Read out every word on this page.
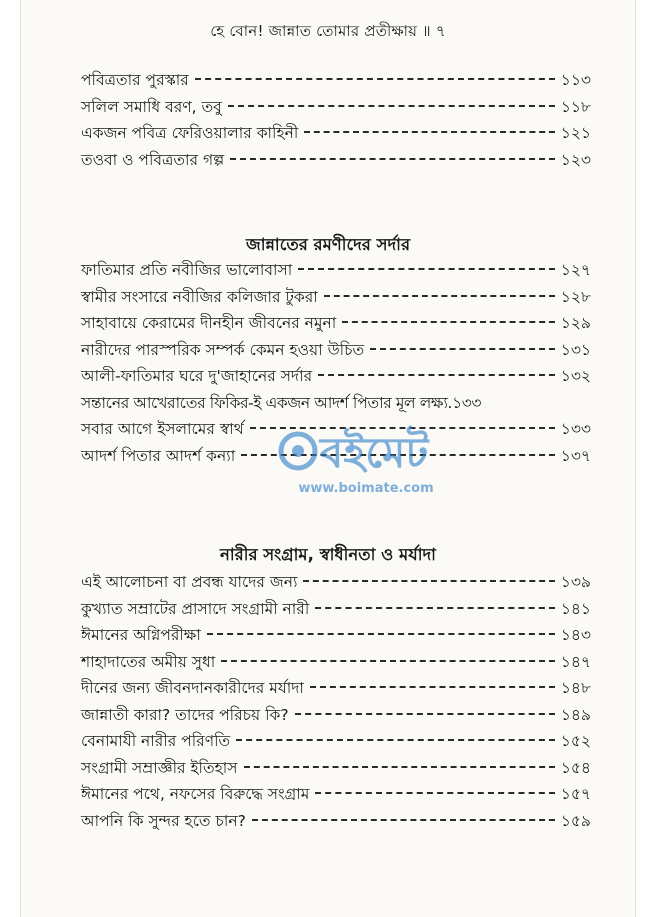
হে বোন! জান্নাত তোমার প্রতীক্ষায় ॥ ৭
পবিত্রতার পুরস্কার	১১৩
সলিল সমাধি বরণ, তবু	১১৮
একজন পবিত্র ফেরিওয়ালার কাহিনী	১২১
তওবা ও পবিত্রতার গল্প	১২৩
জান্নাতের রমণীদের সর্দার
ফাতিমার প্রতি নবীজির ভালোবাসা	১২৭
স্বামীর সংসারে নবীজির কলিজার টুকরা	১২৮
সাহাবায়ে কেরামের দীনহীন জীবনের নমুনা	১২৯
নারীদের পারস্পরিক সম্পর্ক কেমন হওয়া উচিত	১৩১
আলী-ফাতিমার ঘরে দু'জাহানের সর্দার	১৩২
সন্তানের আখেরাতের ফিকির-ই একজন আদর্শ পিতার মূল লক্ষ্য .১৩৩
সবার আগে ইসলামের স্বার্থ	১৩৩
আদর্শ পিতার আদর্শ কন্যা	১৩৭
নারীর সংগ্রাম, স্বাধীনতা ও মর্যাদা
এই আলোচনা বা প্রবন্ধ যাদের জন্য	১৩৯
কুখ্যাত সম্রাটের প্রাসাদে সংগ্রামী নারী	১৪১
ঈমানের অগ্নিপরীক্ষা	১৪৩
শাহাদাতের অমীয় সুধা	১৪৭
দীনের জন্য জীবনদানকারীদের মর্যাদা	১৪৮
জান্নাতী কারা? তাদের পরিচয় কি?	১৪৯
বেনামাযী নারীর পরিণতি	১৫২
সংগ্রামী সম্রাজ্ঞীর ইতিহাস	১৫৪
ঈমানের পথে, নফসের বিরুদ্ধে সংগ্রাম	১৫৭
আপনি কি সুন্দর হতে চান?	১৫৯
বইমেট
www.boimate.com
